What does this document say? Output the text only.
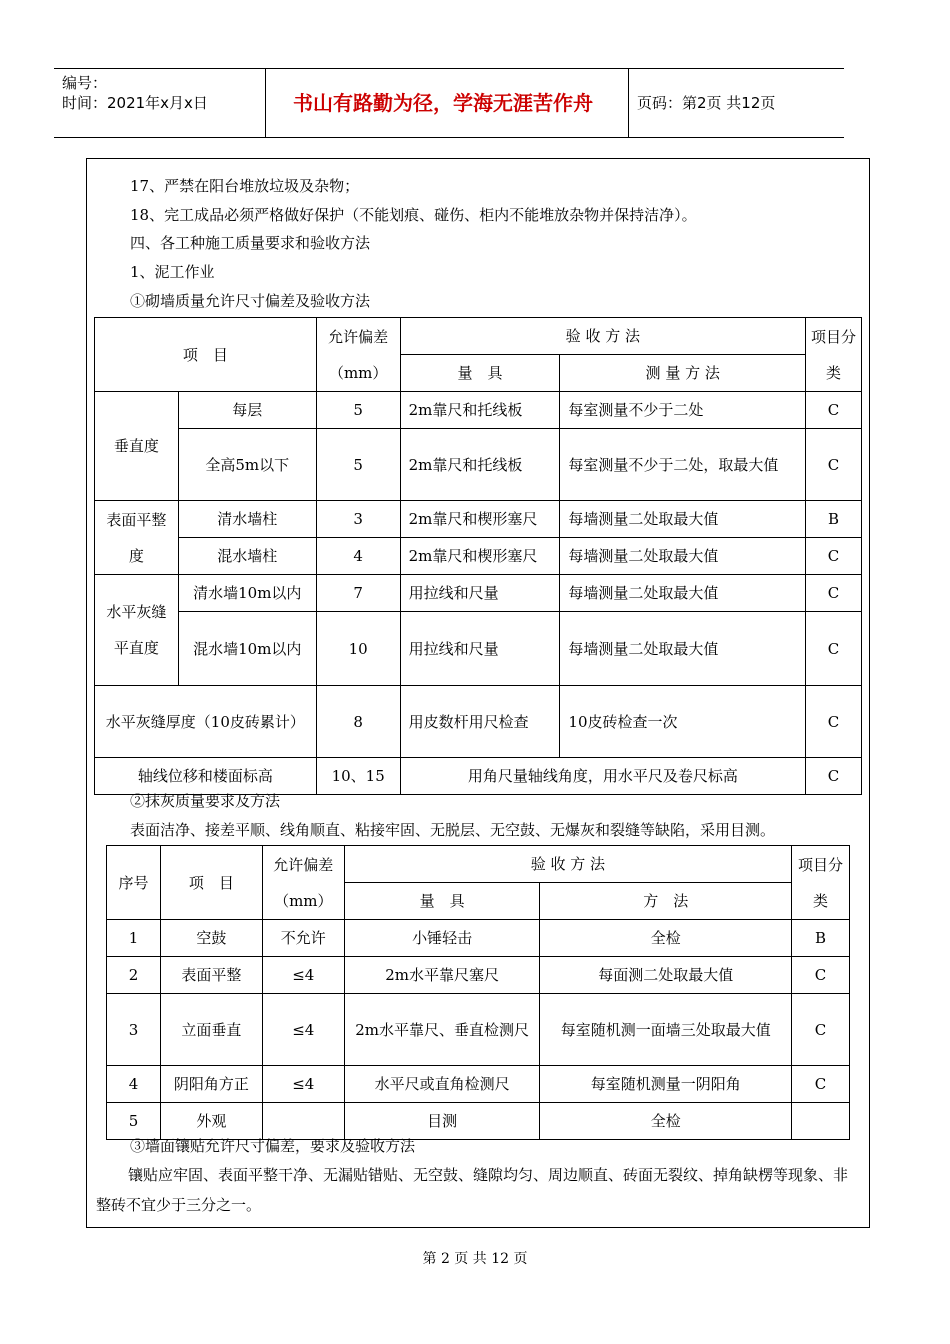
编号：
时间：2021年x月x日	书山有路勤为径，学海无涯苦作舟	页码：第2页 共12页
17、严禁在阳台堆放垃圾及杂物；
18、完工成品必须严格做好保护（不能划痕、碰伤、柜内不能堆放杂物并保持洁净）。
四、各工种施工质量要求和验收方法
1、泥工作业
①砌墙质量允许尺寸偏差及验收方法
项　目		允许偏差（mm）	验 收 方 法		项目分类
			量　具	测 量 方 法	
垂直度	每层	5	2m靠尺和托线板	每室测量不少于二处	C
	全高5m以下	5	2m靠尺和托线板	每室测量不少于二处，取最大值	C
表面平整度	清水墙柱	3	2m靠尺和楔形塞尺	每墙测量二处取最大值	B
	混水墙柱	4	2m靠尺和楔形塞尺	每墙测量二处取最大值	C
水平灰缝平直度	清水墙10m以内	7	用拉线和尺量	每墙测量二处取最大值	C
	混水墙10m以内	10	用拉线和尺量	每墙测量二处取最大值	C
水平灰缝厚度（10皮砖累计）		8	用皮数杆用尺检查	10皮砖检查一次	C
轴线位移和楼面标高		10、15	用角尺量轴线角度，用水平尺及卷尺标高		C
②抹灰质量要求及方法
表面洁净、接差平顺、线角顺直、粘接牢固、无脱层、无空鼓、无爆灰和裂缝等缺陷，采用目测。
序号	项　目	允许偏差（mm）	验 收 方 法		项目分类
			量　具	方　法	
1	空鼓	不允许	小锤轻击	全检	B
2	表面平整	≤4	2m水平靠尺塞尺	每面测二处取最大值	C
3	立面垂直	≤4	2m水平靠尺、垂直检测尺	每室随机测一面墙三处取最大值	C
4	阴阳角方正	≤4	水平尺或直角检测尺	每室随机测量一阴阳角	C
5	外观		目测	全检	
③墙面镶贴允许尺寸偏差，要求及验收方法
镶贴应牢固、表面平整干净、无漏贴错贴、无空鼓、缝隙均匀、周边顺直、砖面无裂纹、掉角缺楞等现象、非整砖不宜少于三分之一。
第 2 页 共 12 页
